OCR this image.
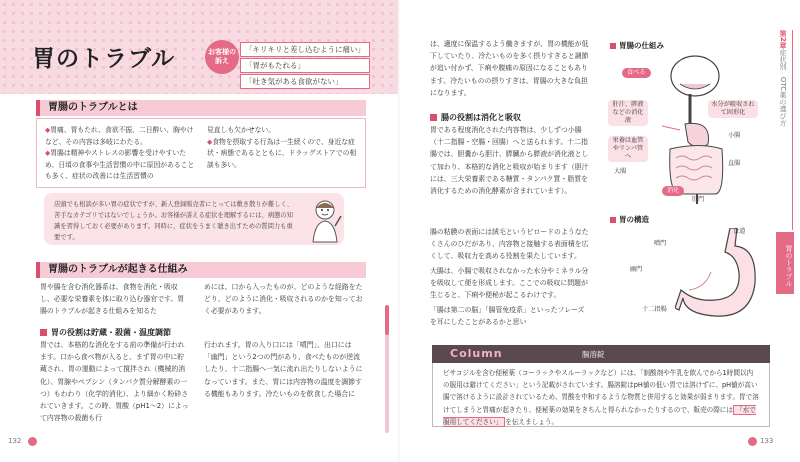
胃のトラブル	お客様の訴え
「キリキリと差し込むように痛い」
「胃がもたれる」
「吐き気がある食欲がない」
胃腸のトラブルとは
◆胃痛、胃もたれ、食欲不振、二日酔い、胸やけなど、その内容は多岐にわたる。
◆胃腸は精神やストレスの影響を受けやすいため、日頃の食事や生活習慣の中に原因があることも多く、症状の改善には生活習慣の
見直しも欠かせない。
◆食物を摂取する行為は一生続くので、身近な症状・病態であるとともに、ドラッグストアでの相談も多い。
店頭でも相談が多い胃の症状ですが、新人登録販売者にとっては敷き散りが難しく、苦手なカテゴリではないでしょうか。お客様が訴える症状を理解するには、病態の知識を習得しておく必要があります。同時に、症状をうまく聴き出すための質問力も重要です。
胃腸のトラブルが起きる仕組み
胃や腸を含む消化器系は、食物を消化・吸収し、必要な栄養素を体に取り込む器官です。胃腸のトラブルが起きる仕組みを知るた
めには、口から入ったものが、どのような経路をたどり、どのように消化・吸収されるのかを知っておく必要があります。
胃の役割は貯蔵・殺菌・温度調節
胃では、本格的な消化をする前の準備が行われます。口から食べ物が入ると、まず胃の中に貯蔵され、胃の運動によって撹拌され（機械的消化）、胃腺やペプシン（タンパク質分解酵素の一つ）もわわり（化学的消化）、より細かく粉砕されていきます。この時、胃酸（pH1〜2）によって内容物の殺菌も行
行われます。胃の入り口には「噴門」、出口には「幽門」という2つの門があり、食べたものが逆流したり、十二指腸へ一気に流れ出たりしないようになっています。また、胃には内容物の温度を調節する機能もあります。冷たいものを飲食した場合に
132
は、適度に保温するよう働きますが、胃の機能が低下していたり、冷たいものを多く摂りすぎると調節が追い付かず、下痢や腹痛の原因になることもあります。冷たいものの摂りすぎは、胃腸の大きな負担になります。
腸の役割は消化と吸収
胃である程度消化された内容物は、少しずつ小腸（十二指腸・空腸・回腸）へと送られます。十二指腸では、胆嚢から胆汁、膵臓から膵液が消化液として加わり、本格的な消化と吸収が始まります（胆汁には、三大栄養素である糖質・タンパク質・脂質を消化するための消化酵素が含まれています）。
腸の粘膜の表面には絨毛というビロードのようなたくさんのひだがあり、内容物と接触する表面積を広くして、吸収力を高める役割を果たしています。
大腸は、小腸で吸収されなかった水分やミネラル分を吸収して便を形成します。ここでの吸収に問題が生じると、下痢や便秘が起こるわけです。
「腸は第二の脳」「腸管免疫系」といったフレーズを耳にしたことがあるかと思い
胃腸の仕組み
食べる
肝汁、膵液などの消化液
水分が吸収されて固形化
栄養は血管やリンパ管へ
小腸
大腸
直腸
消化
肛門
胃の構造
食道
噴門
幽門
十二指腸
Column	腸溶錠
ビサコジルを含む便秘薬（コーラックやスルーラックなど）には、「制酸剤や牛乳を飲んでから1時間以内の服用は避けてください」という記載がされています。腸溶錠はpH値の低い胃では溶けずに、pH値が高い腸で溶けるように設計されているため、胃酸を中和するような物質と併用すると効果が弱まります。胃で溶けてしまうと胃痛が起きたり、便秘薬の効果をきちんと得られなかったりするので、販売の際には 「水で服用してください」 を伝えましょう。
第2章症状別　OTC薬の選び方
胃のトラブル
133
